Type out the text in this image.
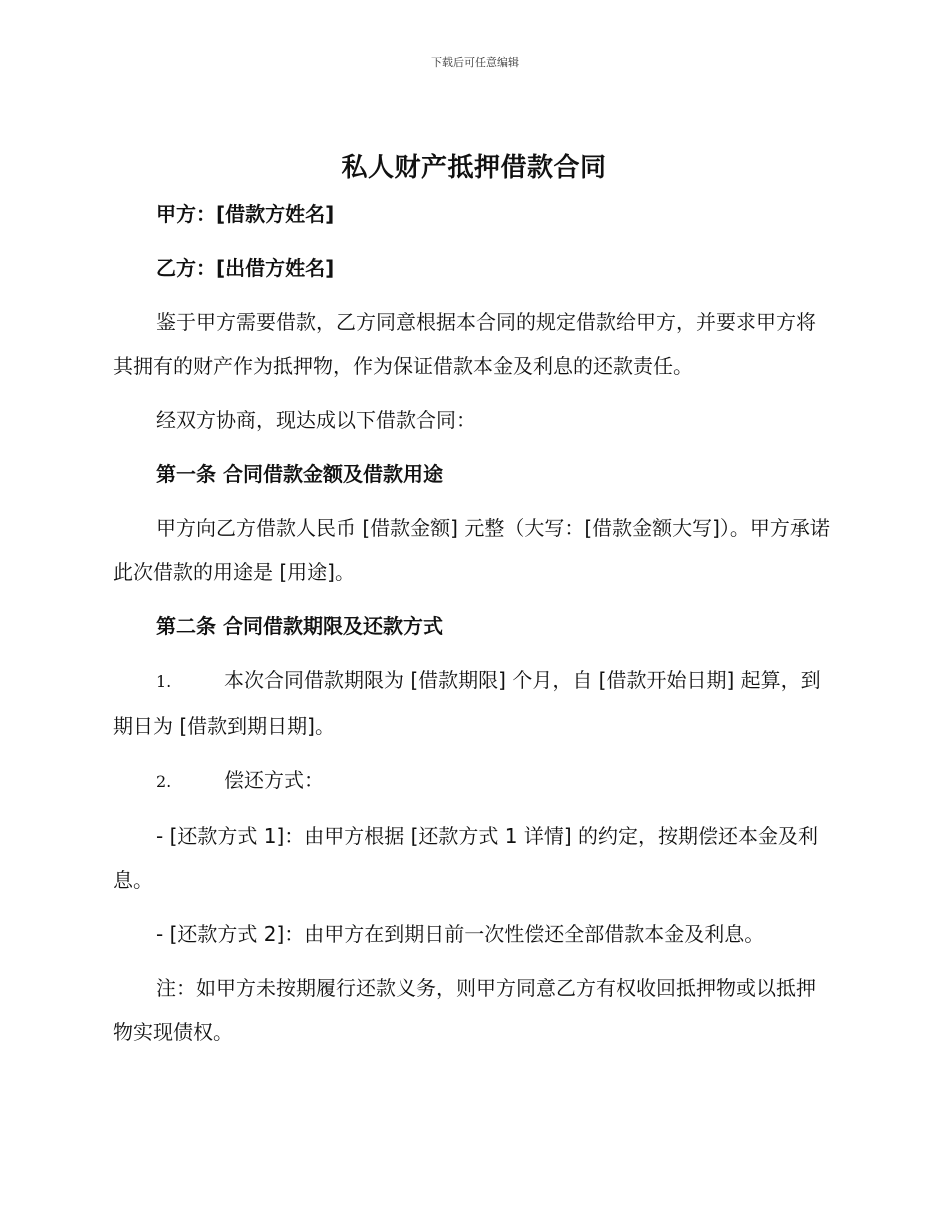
下载后可任意编辑
私人财产抵押借款合同

甲方：[借款方姓名]

乙方：[出借方姓名]

鉴于甲方需要借款，乙方同意根据本合同的规定借款给甲方，并要求甲方将其拥有的财产作为抵押物，作为保证借款本金及利息的还款责任。

经双方协商，现达成以下借款合同：

第一条 合同借款金额及借款用途

甲方向乙方借款人民币 [借款金额] 元整（大写：[借款金额大写]）。甲方承诺此次借款的用途是 [用途]。

第二条 合同借款期限及还款方式

1.	本次合同借款期限为 [借款期限] 个月，自 [借款开始日期] 起算，到期日为 [借款到期日期]。

2.	偿还方式：

- [还款方式 1]：由甲方根据 [还款方式 1 详情] 的约定，按期偿还本金及利息。

- [还款方式 2]：由甲方在到期日前一次性偿还全部借款本金及利息。

注：如甲方未按期履行还款义务，则甲方同意乙方有权收回抵押物或以抵押物实现债权。
